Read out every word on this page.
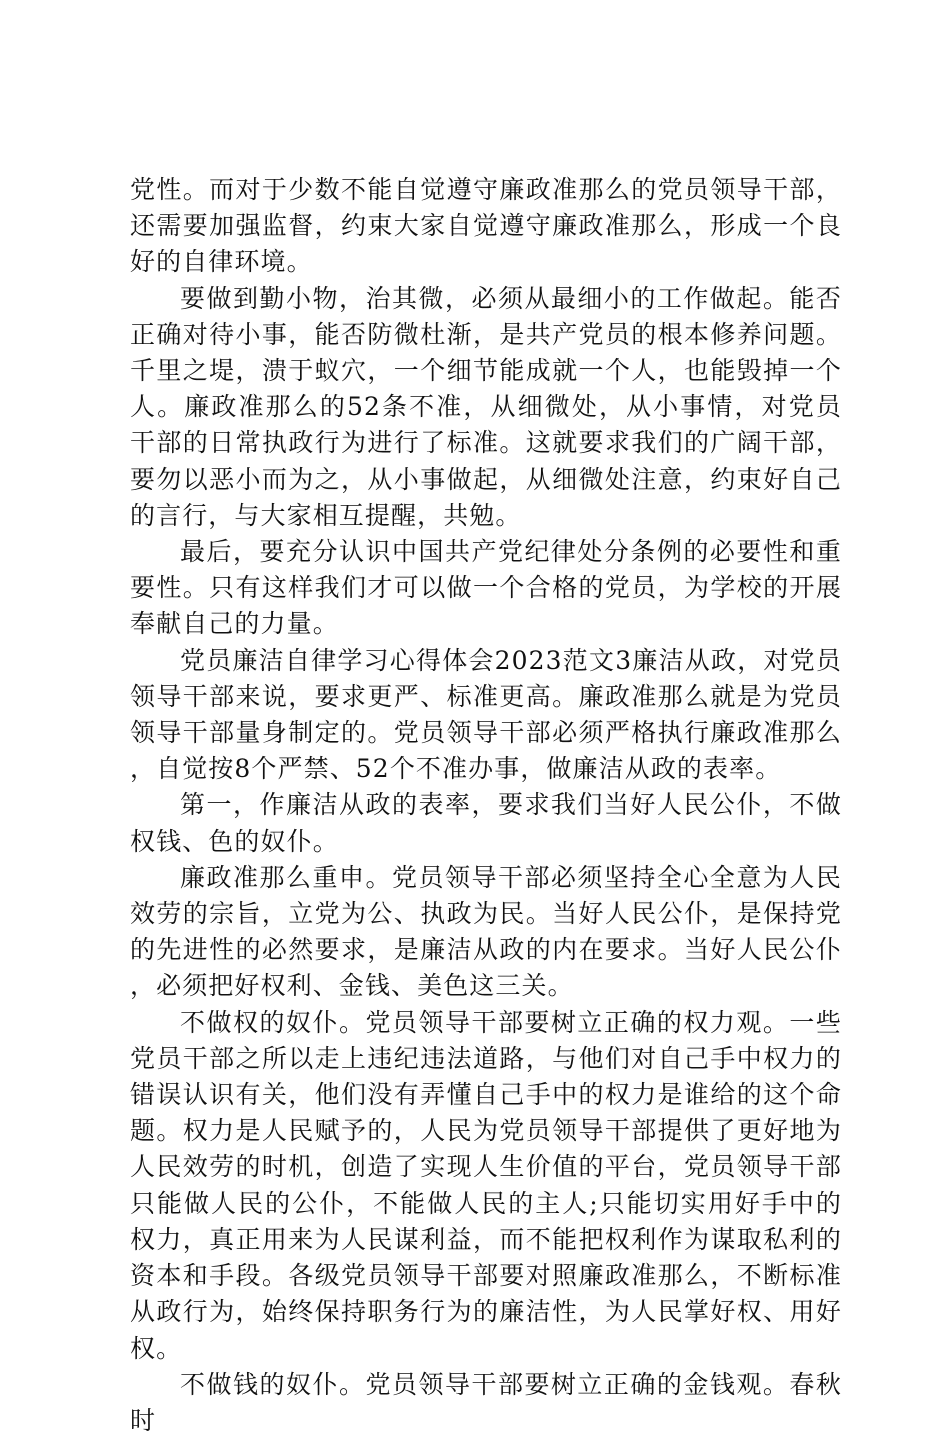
党性。而对于少数不能自觉遵守廉政准那么的党员领导干部，还需要加强监督，约束大家自觉遵守廉政准那么，形成一个良好的自律环境。

要做到勤小物，治其微，必须从最细小的工作做起。能否正确对待小事，能否防微杜渐，是共产党员的根本修养问题。千里之堤，溃于蚁穴，一个细节能成就一个人，也能毁掉一个人。廉政准那么的52条不准，从细微处，从小事情，对党员干部的日常执政行为进行了标准。这就要求我们的广阔干部，要勿以恶小而为之，从小事做起，从细微处注意，约束好自己的言行，与大家相互提醒，共勉。

最后，要充分认识中国共产党纪律处分条例的必要性和重要性。只有这样我们才可以做一个合格的党员，为学校的开展奉献自己的力量。

党员廉洁自律学习心得体会2023范文3廉洁从政，对党员领导干部来说，要求更严、标准更高。廉政准那么就是为党员领导干部量身制定的。党员领导干部必须严格执行廉政准那么，自觉按8个严禁、52个不准办事，做廉洁从政的表率。

第一，作廉洁从政的表率，要求我们当好人民公仆，不做权钱、色的奴仆。

廉政准那么重申。党员领导干部必须坚持全心全意为人民效劳的宗旨，立党为公、执政为民。当好人民公仆，是保持党的先进性的必然要求，是廉洁从政的内在要求。当好人民公仆，必须把好权利、金钱、美色这三关。

不做权的奴仆。党员领导干部要树立正确的权力观。一些党员干部之所以走上违纪违法道路，与他们对自己手中权力的错误认识有关，他们没有弄懂自己手中的权力是谁给的这个命题。权力是人民赋予的，人民为党员领导干部提供了更好地为人民效劳的时机，创造了实现人生价值的平台，党员领导干部只能做人民的公仆，不能做人民的主人;只能切实用好手中的权力，真正用来为人民谋利益，而不能把权利作为谋取私利的资本和手段。各级党员领导干部要对照廉政准那么，不断标准从政行为，始终保持职务行为的廉洁性，为人民掌好权、用好权。

不做钱的奴仆。党员领导干部要树立正确的金钱观。春秋时
